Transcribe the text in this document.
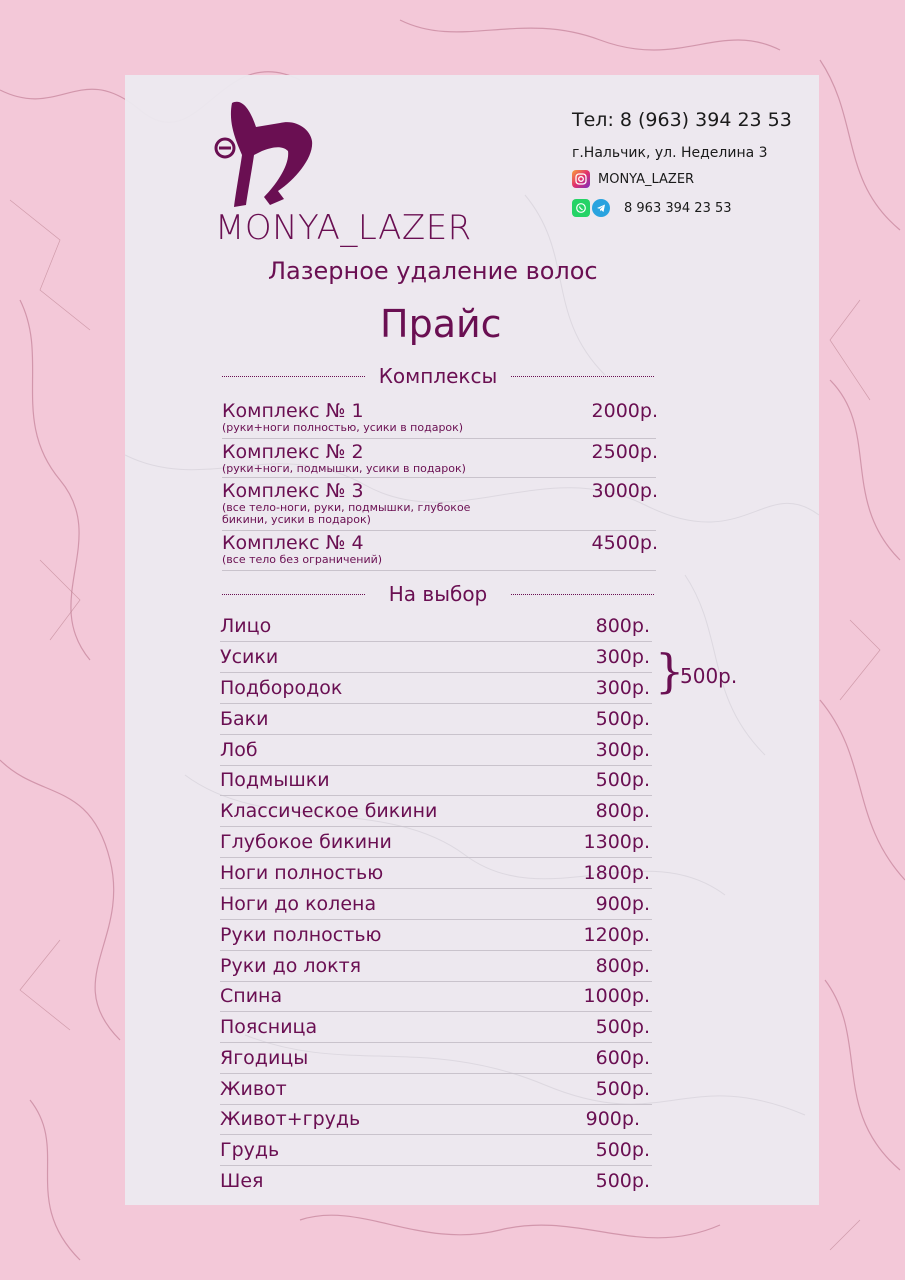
MONYA_LAZER
Лазерное удаление волос
Прайс
Тел: 8 (963) 394 23 53
г.Нальчик, ул. Неделина 3
MONYA_LAZER
8 963 394 23 53
Комплексы
Комплекс № 1
(руки+ноги полностью, усики в подарок)
2000р.
Комплекс № 2
(руки+ноги, подмышки, усики в подарок)
2500р.
Комплекс № 3
(все тело-ноги, руки, подмышки, глубокое бикини, усики в подарок)
3000р.
Комплекс № 4
(все тело без ограничений)
4500р.
На выбор
Лицо	800р.
Усики	300р.
Подбородок	300р.
Баки	500р.
Лоб	300р.
Подмышки	500р.
Классическое бикини	800р.
Глубокое бикини	1300р.
Ноги полностью	1800р.
Ноги до колена	900р.
Руки полностью	1200р.
Руки до локтя	800р.
Спина	1000р.
Поясница	500р.
Ягодицы	600р.
Живот	500р.
Живот+грудь	900р.
Грудь	500р.
Шея	500р.
}
500р.
